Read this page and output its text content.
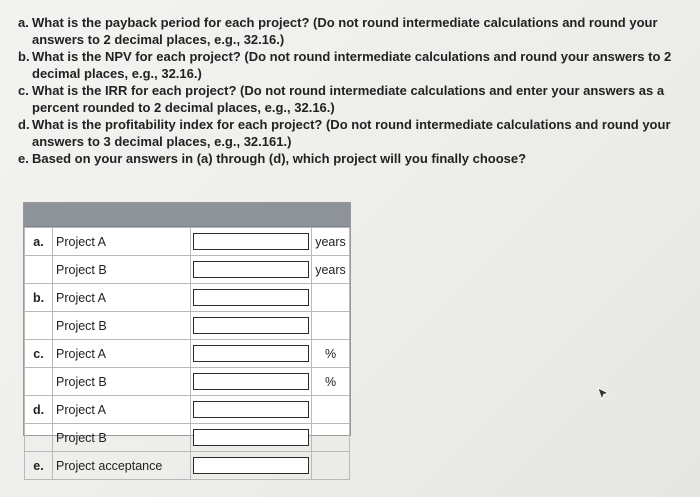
a. What is the payback period for each project? (Do not round intermediate calculations and round your answers to 2 decimal places, e.g., 32.16.)
b. What is the NPV for each project? (Do not round intermediate calculations and round your answers to 2 decimal places, e.g., 32.16.)
c. What is the IRR for each project? (Do not round intermediate calculations and enter your answers as a percent rounded to 2 decimal places, e.g., 32.16.)
d. What is the profitability index for each project? (Do not round intermediate calculations and round your answers to 3 decimal places, e.g., 32.161.)
e. Based on your answers in (a) through (d), which project will you finally choose?
a.	Project A		years
	Project B		years
b.	Project A	

	Project B	

c.	Project A		%
	Project B		%
d.	Project A	

	Project B	

e.	Project acceptance	
